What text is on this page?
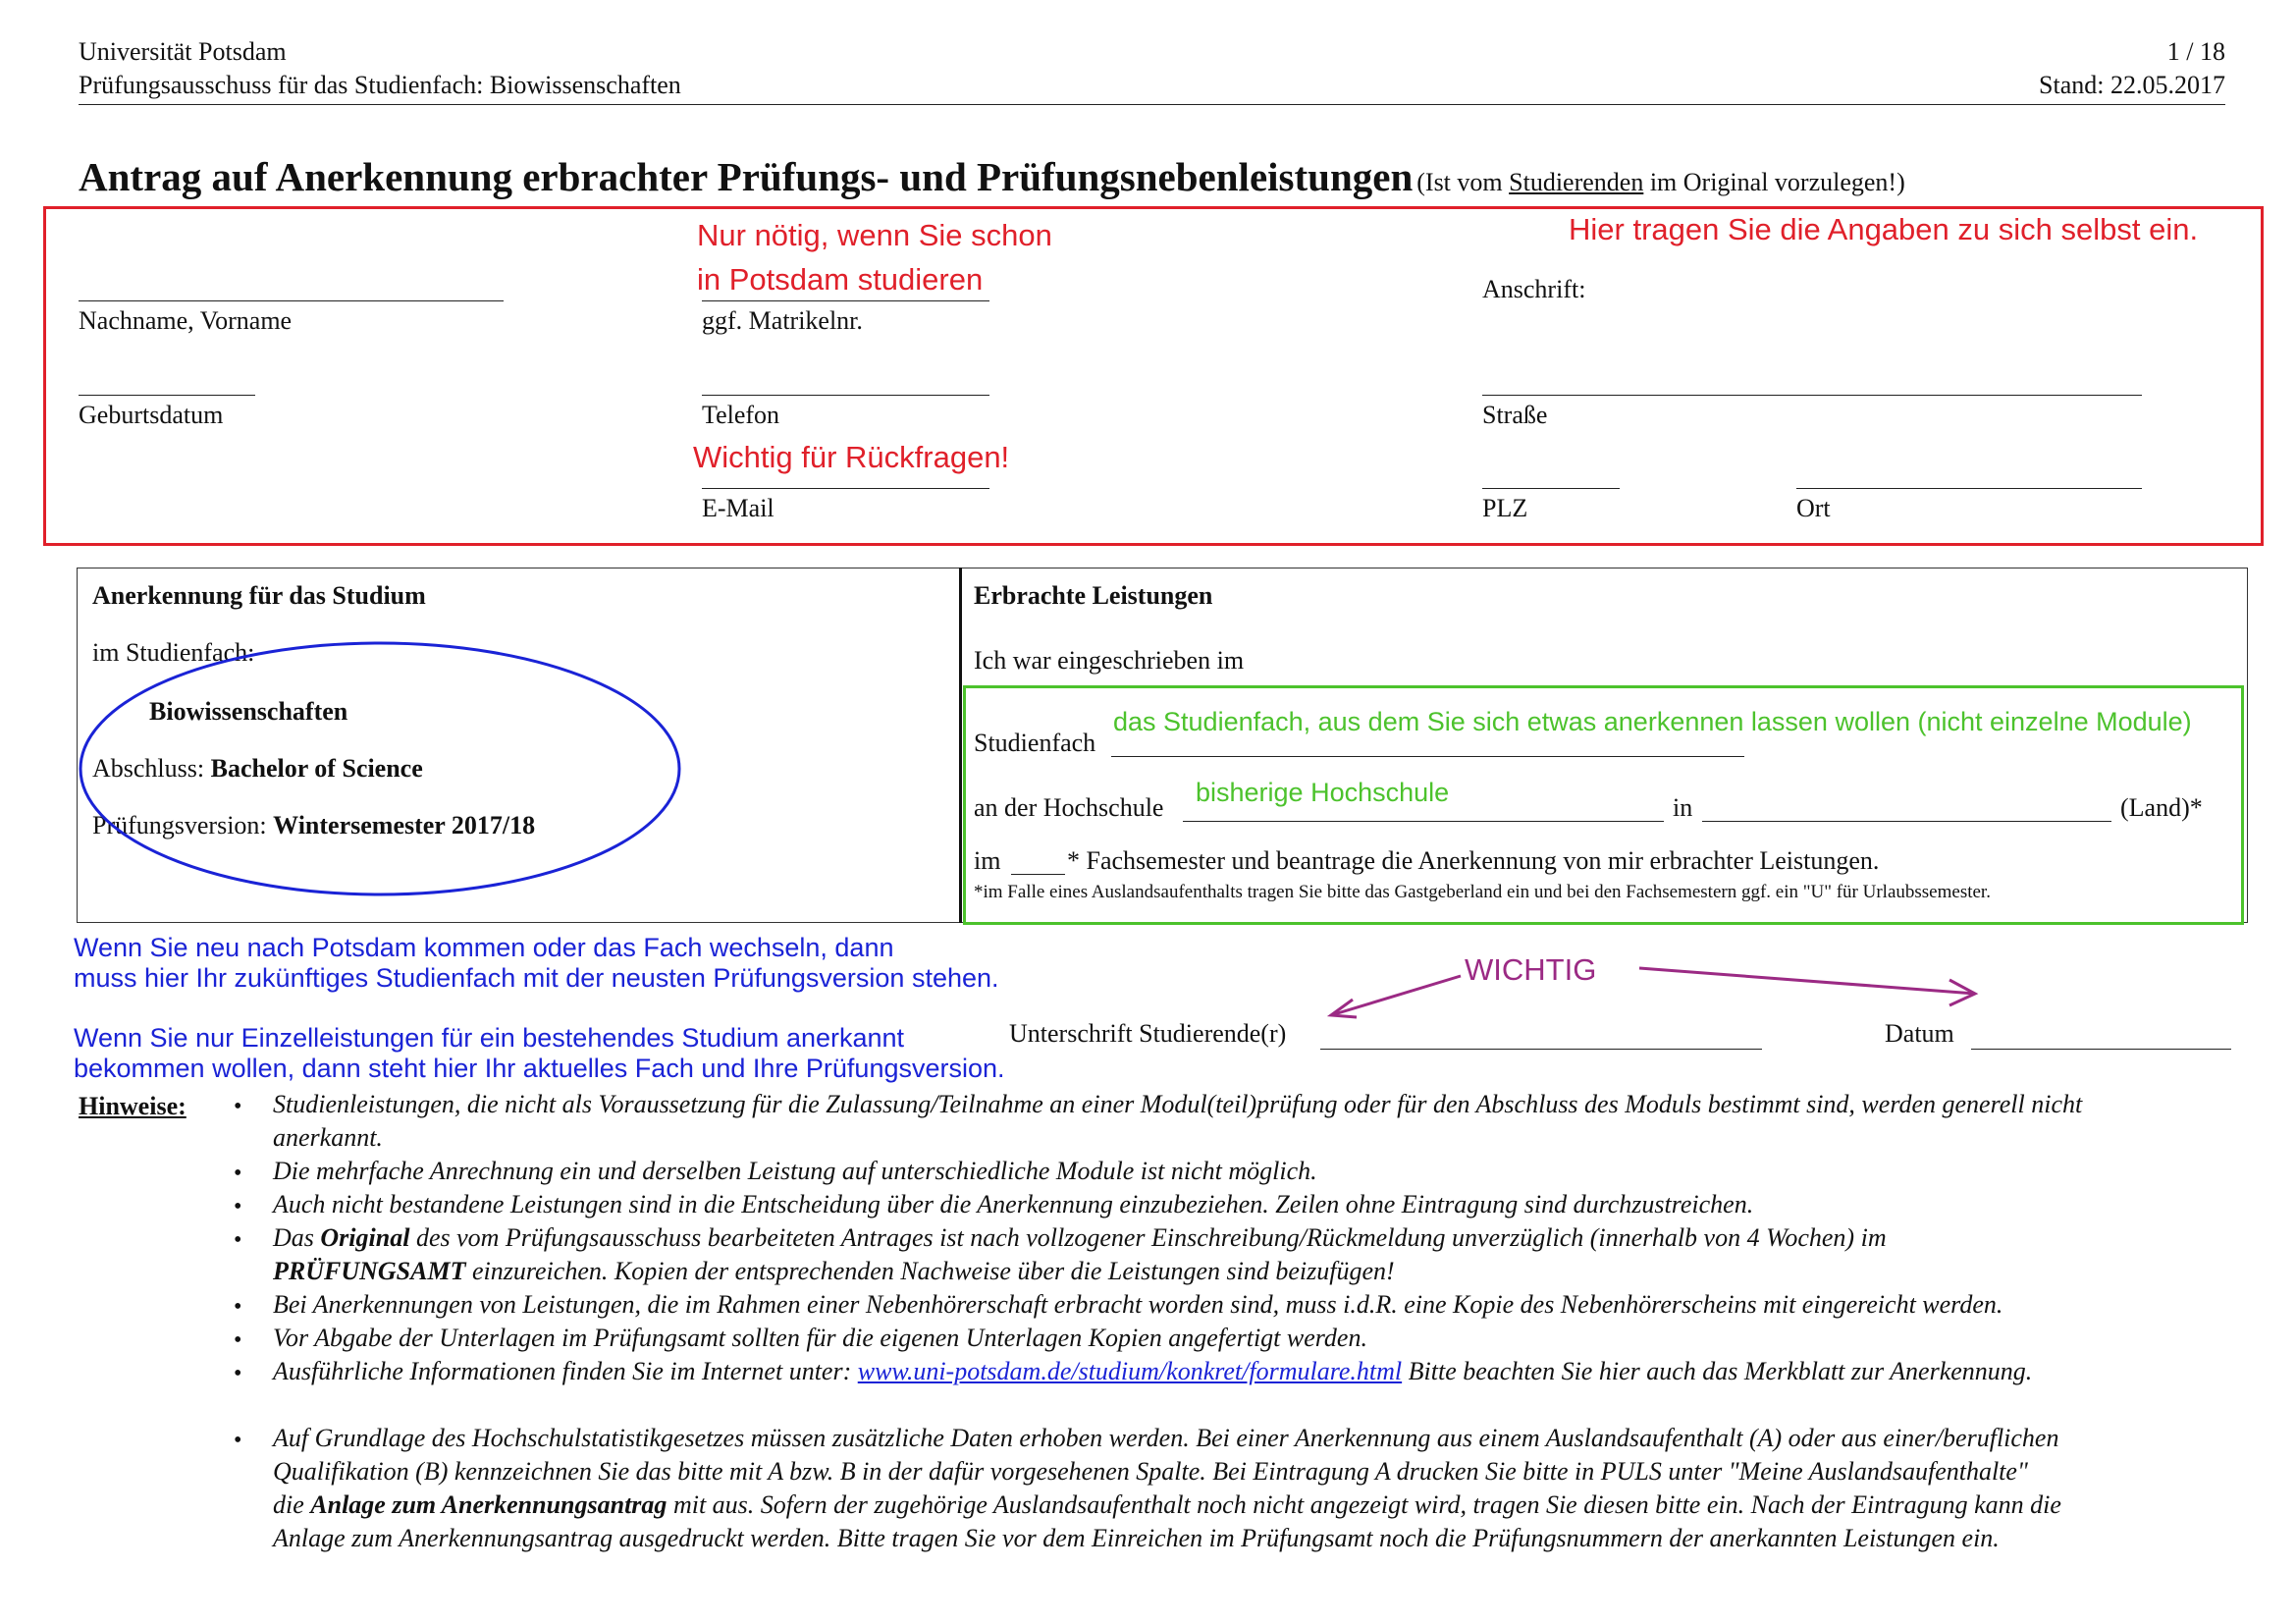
Universität Potsdam
Prüfungsausschuss für das Studienfach: Biowissenschaften
1 / 18
Stand: 22.05.2017
Antrag auf Anerkennung erbrachter Prüfungs- und Prüfungsnebenleistungen (Ist vom Studierenden im Original vorzulegen!)
Nur nötig, wenn Sie schon
in Potsdam studieren
Hier tragen Sie die Angaben zu sich selbst ein.
Wichtig für Rückfragen!
Nachname, Vorname	ggf. Matrikelnr.
Anschrift:
Geburtsdatum	Telefon	Straße
E-Mail	PLZ	Ort
Anerkennung für das Studium
im Studienfach:
Biowissenschaften
Abschluss: Bachelor of Science
Prüfungsversion: Wintersemester 2017/18
Erbrachte Leistungen
Ich war eingeschrieben im
Studienfach
das Studienfach, aus dem Sie sich etwas anerkennen lassen wollen (nicht einzelne Module)
an der Hochschule
bisherige Hochschule
in	(Land)*
im	* Fachsemester und beantrage die Anerkennung von mir erbrachter Leistungen.
*im Falle eines Auslandsaufenthalts tragen Sie bitte das Gastgeberland ein und bei den Fachsemestern ggf. ein "U" für Urlaubssemester.
Wenn Sie neu nach Potsdam kommen oder das Fach wechseln, dann
muss hier Ihr zukünftiges Studienfach mit der neusten Prüfungsversion stehen.
Wenn Sie nur Einzelleistungen für ein bestehendes Studium anerkannt
bekommen wollen, dann steht hier Ihr aktuelles Fach und Ihre Prüfungsversion.
WICHTIG
Unterschrift Studierende(r)	Datum
Hinweise: • Studienleistungen, die nicht als Voraussetzung für die Zulassung/Teilnahme an einer Modul(teil)prüfung oder für den Abschluss des Moduls bestimmt sind, werden generell nicht
anerkannt.
• Die mehrfache Anrechnung ein und derselben Leistung auf unterschiedliche Module ist nicht möglich.
• Auch nicht bestandene Leistungen sind in die Entscheidung über die Anerkennung einzubeziehen. Zeilen ohne Eintragung sind durchzustreichen.
• Das Original des vom Prüfungsausschuss bearbeiteten Antrages ist nach vollzogener Einschreibung/Rückmeldung unverzüglich (innerhalb von 4 Wochen) im
PRÜFUNGSAMT einzureichen. Kopien der entsprechenden Nachweise über die Leistungen sind beizufügen!
• Bei Anerkennungen von Leistungen, die im Rahmen einer Nebenhörerschaft erbracht worden sind, muss i.d.R. eine Kopie des Nebenhörerscheins mit eingereicht werden.
• Vor Abgabe der Unterlagen im Prüfungsamt sollten für die eigenen Unterlagen Kopien angefertigt werden.
• Ausführliche Informationen finden Sie im Internet unter: www.uni-potsdam.de/studium/konkret/formulare.html Bitte beachten Sie hier auch das Merkblatt zur Anerkennung.
• Auf Grundlage des Hochschulstatistikgesetzes müssen zusätzliche Daten erhoben werden. Bei einer Anerkennung aus einem Auslandsaufenthalt (A) oder aus einer/beruflichen
Qualifikation (B) kennzeichnen Sie das bitte mit A bzw. B in der dafür vorgesehenen Spalte. Bei Eintragung A drucken Sie bitte in PULS unter "Meine Auslandsaufenthalte"
die Anlage zum Anerkennungsantrag mit aus. Sofern der zugehörige Auslandsaufenthalt noch nicht angezeigt wird, tragen Sie diesen bitte ein. Nach der Eintragung kann die
Anlage zum Anerkennungsantrag ausgedruckt werden. Bitte tragen Sie vor dem Einreichen im Prüfungsamt noch die Prüfungsnummern der anerkannten Leistungen ein.
